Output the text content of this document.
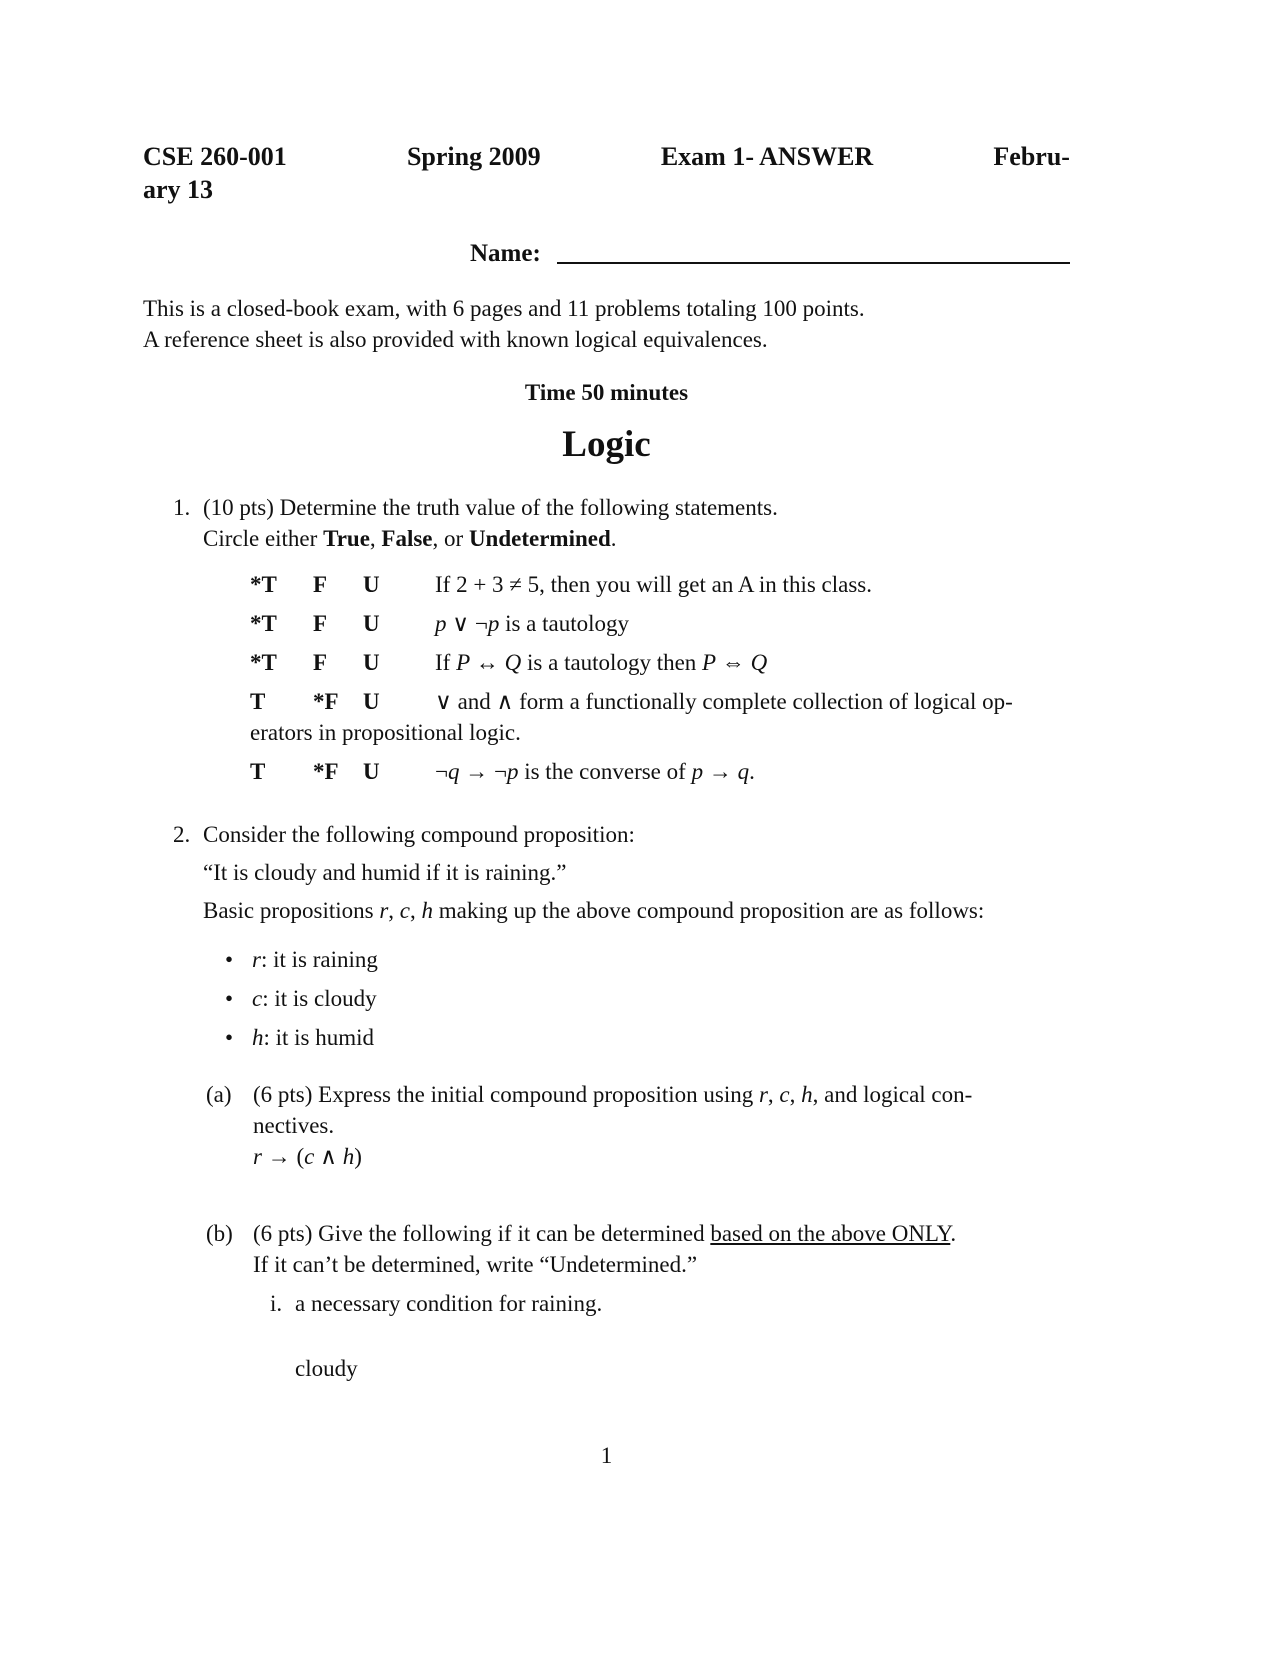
CSE 260-001	Spring 2009	Exam 1- ANSWER	Febru-
ary 13
Name:
This is a closed-book exam, with 6 pages and 11 problems totaling 100 points.
A reference sheet is also provided with known logical equivalences.
Time 50 minutes
Logic
1. (10 pts) Determine the truth value of the following statements.
Circle either True, False, or Undetermined.
*T F U If 2 + 3 ≠ 5, then you will get an A in this class.
*T F U p ∨ ¬p is a tautology
*T F U If P ↔ Q is a tautology then P ⇔ Q
T *F U ∨ and ∧ form a functionally complete collection of logical op-
erators in propositional logic.
T *F U ¬q → ¬p is the converse of p → q.
2. Consider the following compound proposition:
“It is cloudy and humid if it is raining.”
Basic propositions r, c, h making up the above compound proposition are as follows:
•r: it is raining
•c: it is cloudy
•h: it is humid
(a) (6 pts) Express the initial compound proposition using r, c, h, and logical con-
nectives.
r → (c ∧ h)
(b) (6 pts) Give the following if it can be determined based on the above ONLY.
If it can’t be determined, write “Undetermined.”
i. a necessary condition for raining.
cloudy
1
